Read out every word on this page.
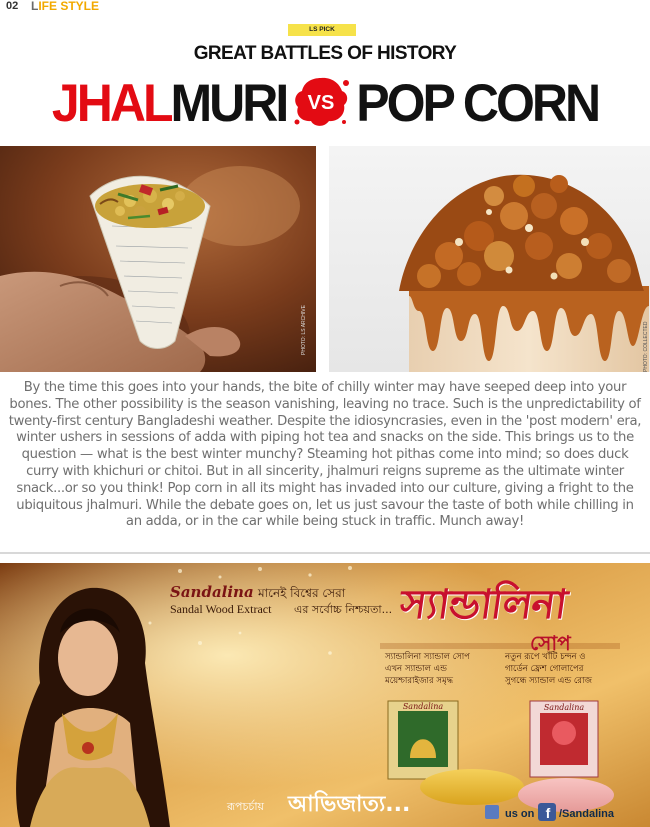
02 LIFE STYLE
LS PICK
GREAT BATTLES OF HISTORY
JHALMURI VS POP CORN
PHOTO: LS ARCHIVE	PHOTO: COLLECTED
By the time this goes into your hands, the bite of chilly winter may have seeped deep into your bones. The other possibility is the season vanishing, leaving no trace. Such is the unpredictability of twenty-first century Bangladeshi weather. Despite the idiosyncrasies, even in the 'post modern' era, winter ushers in sessions of adda with piping hot tea and snacks on the side. This brings us to the question — what is the best winter munchy? Steaming hot pithas come into mind; so does duck curry with khichuri or chitoi. But in all sincerity, jhalmuri reigns supreme as the ultimate winter snack...or so you think! Pop corn in all its might has invaded into our culture, giving a fright to the ubiquitous jhalmuri. While the debate goes on, let us just savour the taste of both while chilling in an adda, or in the car while being stuck in traffic. Munch away!
Sandalina	Sandalina
f
Sandalina মানেই বিশ্বের সেরা
Sandal Wood Extract এর সর্বোচ্চ নিশ্চয়তা... স্যান্ডালিনা
সোপ
স্যান্ডালিনা স্যান্ডাল সোপ
এখন স্যান্ডাল এন্ড
ময়েশ্চারাইজার সমৃদ্ধ
নতুন রূপে খাঁটি চন্দন ও
গার্ডেন ফ্রেশ গোলাপের
সুগন্ধে স্যান্ডাল এন্ড রোজ
রূপচর্চায় আভিজাত্য...	us on /Sandalina
